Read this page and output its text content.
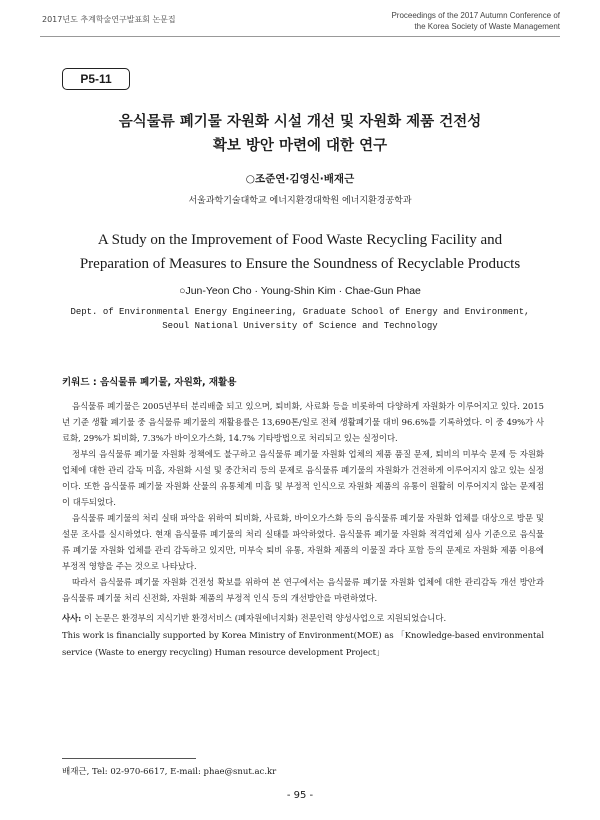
2017년도 추계학술연구발표회 논문집	Proceedings of the 2017 Autumn Conference of
the Korea Society of Waste Management
P5-11
음식물류 폐기물 자원화 시설 개선 및 자원화 제품 건전성
확보 방안 마련에 대한 연구
○조준연·김영신·배재근
서울과학기술대학교 에너지환경대학원 에너지환경공학과
A Study on the Improvement of Food Waste Recycling Facility and
Preparation of Measures to Ensure the Soundness of Recyclable Products
○Jun-Yeon Cho · Young-Shin Kim · Chae-Gun Phae
Dept. of Environmental Energy Engineering, Graduate School of Energy and Environment,
Seoul National University of Science and Technology
키워드 : 음식물류 폐기물, 자원화, 재활용

음식물류 폐기물은 2005년부터 분리배출 되고 있으며, 퇴비화, 사료화 등을 비롯하여 다양하게 자원화가 이루어지고 있다. 2015년 기준 생활 폐기물 중 음식물류 폐기물의 재활용률은 13,690톤/일로 전체 생활폐기물 대비 96.6%를 기록하였다. 이 중 49%가 사료화, 29%가 퇴비화, 7.3%가 바이오가스화, 14.7% 기타방법으로 처리되고 있는 실정이다.

정부의 음식물류 폐기물 자원화 정책에도 불구하고 음식물류 폐기물 자원화 업체의 제품 품질 문제, 퇴비의 미부숙 문제 등 자원화 업체에 대한 관리 감독 미흡, 자원화 시설 및 중간처리 등의 문제로 음식물류 폐기물의 자원화가 건전하게 이루어지지 않고 있는 실정이다. 또한 음식물류 폐기물 자원화 산물의 유통체계 미흡 및 부정적 인식으로 자원화 제품의 유통이 원활히 이루어지지 않는 문제점이 대두되었다.

음식물류 폐기물의 처리 실태 파악을 위하여 퇴비화, 사료화, 바이오가스화 등의 음식물류 폐기물 자원화 업체를 대상으로 방문 및 설문 조사를 실시하였다. 현재 음식물류 폐기물의 처리 실태를 파악하였다. 음식물류 폐기물 자원화 적격업체 심사 기준으로 음식물류 폐기물 자원화 업체를 관리 감독하고 있지만, 미부숙 퇴비 유통, 자원화 제품의 이물질 과다 포함 등의 문제로 자원화 제품 이용에 부정적 영향을 주는 것으로 나타났다.

따라서 음식물류 폐기물 자원화 건전성 확보를 위하여 본 연구에서는 음식물류 폐기물 자원화 업체에 대한 관리감독 개선 방안과 음식물류 폐기물 처리 신전화, 자원화 제품의 부정적 인식 등의 개선방안을 마련하였다.

사사: 이 논문은 환경부의 지식기반 환경서비스 (폐자원에너지화) 전문인력 양성사업으로 지원되었습니다.

This work is financially supported by Korea Ministry of Environment(MOE) as 「Knowledge-based environmental service (Waste to energy recycling) Human resource development Project」

배재근, Tel: 02-970-6617, E-mail: phae@snut.ac.kr
- 95 -
